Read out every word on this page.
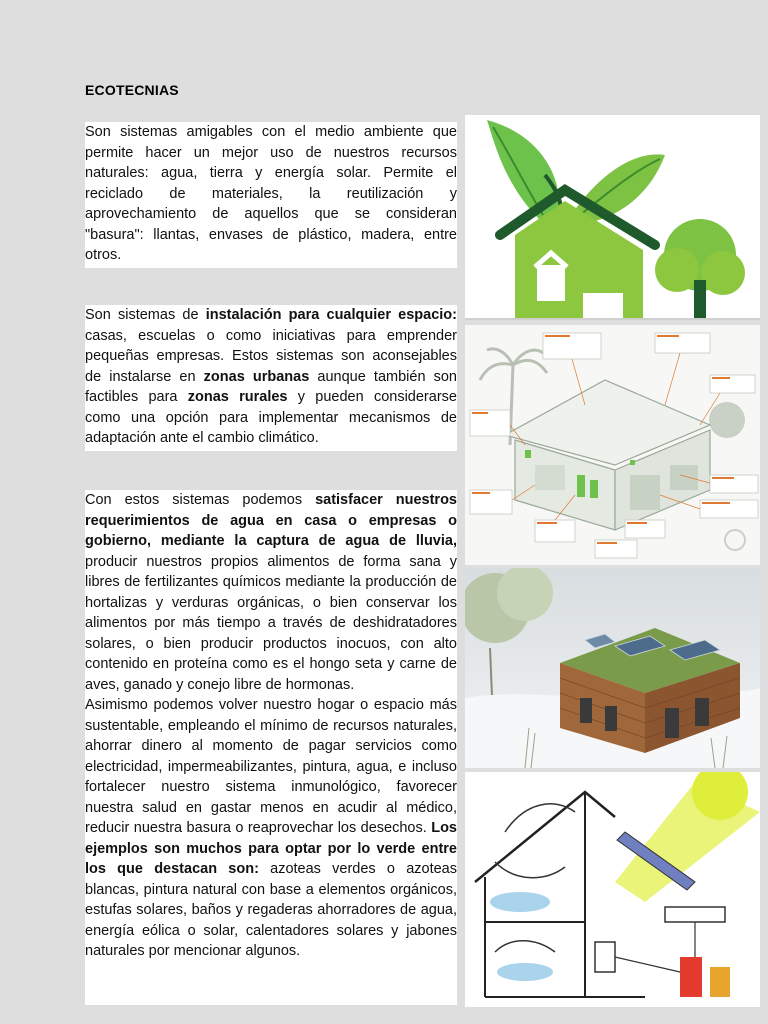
ECOTECNIAS

Son sistemas amigables con el medio ambiente que permite hacer un mejor uso de nuestros recursos naturales: agua, tierra y energía solar. Permite el reciclado de materiales, la reutilización y aprovechamiento de aquellos que se consideran "basura": llantas, envases de plástico, madera, entre otros.

Son sistemas de instalación para cualquier espacio: casas, escuelas o como iniciativas para emprender pequeñas empresas. Estos sistemas son aconsejables de instalarse en zonas urbanas aunque también son factibles para zonas rurales y pueden considerarse como una opción para implementar mecanismos de adaptación ante el cambio climático.

Con estos sistemas podemos satisfacer nuestros requerimientos de agua en casa o empresas o gobierno, mediante la captura de agua de lluvia, producir nuestros propios alimentos de forma sana y libres de fertilizantes químicos mediante la producción de hortalizas y verduras orgánicas, o bien conservar los alimentos por más tiempo a través de deshidratadores solares, o bien producir productos inocuos, con alto contenido en proteína como es el hongo seta y carne de aves, ganado y conejo libre de hormonas.

Asimismo podemos volver nuestro hogar o espacio más sustentable, empleando el mínimo de recursos naturales, ahorrar dinero al momento de pagar servicios como electricidad, impermeabilizantes, pintura, agua, e incluso fortalecer nuestro sistema inmunológico, favorecer nuestra salud en gastar menos en acudir al médico, reducir nuestra basura o reaprovechar los desechos. Los ejemplos son muchos para optar por lo verde entre los que destacan son: azoteas verdes o azoteas blancas, pintura natural con base a elementos orgánicos, estufas solares, baños y regaderas ahorradores de agua, energía eólica o solar, calentadores solares y jabones naturales por mencionar algunos.
